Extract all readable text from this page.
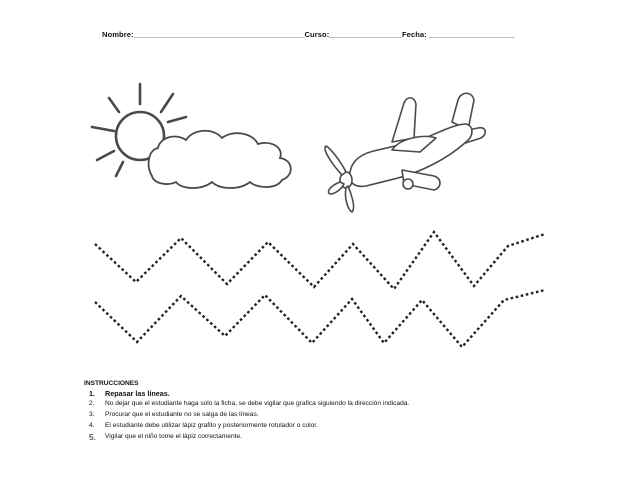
Nombre:________________________________________Curso:_________________Fecha: ____________________
INSTRUCCIONES
1. Repasar las líneas.
2. No dejar que el estudiante haga solo la ficha, se debe vigilar que grafica siguiendo la dirección indicada.
3. Procurar que el estudiante no se salga de las líneas.
4. El estudiante debe utilizar lápiz grafito y posteriormente rotulador o color.
5. Vigilar que el niño tome el lápiz correctamente.
